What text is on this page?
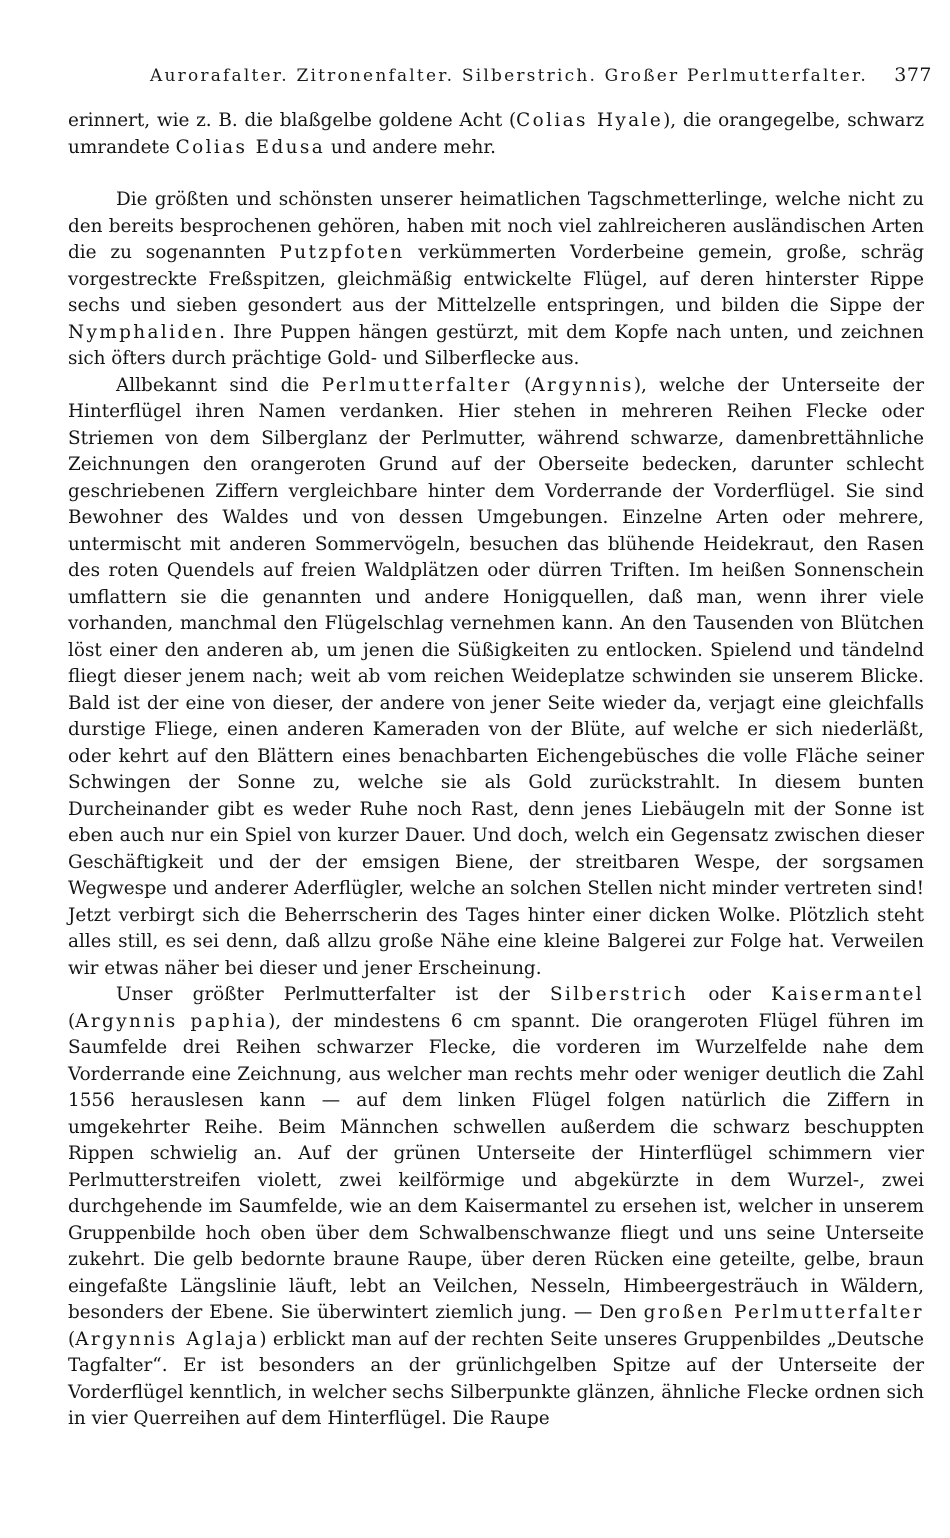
Aurorafalter. Zitronenfalter. Silberstrich. Großer Perlmutterfalter. 377

erinnert, wie z. B. die blaßgelbe goldene Acht (Colias Hyale), die orangegelbe, schwarz umrandete Colias Edusa und andere mehr.

Die größten und schönsten unserer heimatlichen Tagschmetterlinge, welche nicht zu den bereits besprochenen gehören, haben mit noch viel zahlreicheren ausländischen Arten die zu sogenannten Putzpfoten verkümmerten Vorderbeine gemein, große, schräg vorgestreckte Freßspitzen, gleichmäßig entwickelte Flügel, auf deren hinterster Rippe sechs und sieben gesondert aus der Mittelzelle entspringen, und bilden die Sippe der Nymphaliden. Ihre Puppen hängen gestürzt, mit dem Kopfe nach unten, und zeichnen sich öfters durch prächtige Gold- und Silberflecke aus.

Allbekannt sind die Perlmutterfalter (Argynnis), welche der Unterseite der Hinterflügel ihren Namen verdanken. Hier stehen in mehreren Reihen Flecke oder Striemen von dem Silberglanz der Perlmutter, während schwarze, damenbrettähnliche Zeichnungen den orangeroten Grund auf der Oberseite bedecken, darunter schlecht geschriebenen Ziffern vergleichbare hinter dem Vorderrande der Vorderflügel. Sie sind Bewohner des Waldes und von dessen Umgebungen. Einzelne Arten oder mehrere, untermischt mit anderen Sommervögeln, besuchen das blühende Heidekraut, den Rasen des roten Quendels auf freien Waldplätzen oder dürren Triften. Im heißen Sonnenschein umflattern sie die genannten und andere Honigquellen, daß man, wenn ihrer viele vorhanden, manchmal den Flügelschlag vernehmen kann. An den Tausenden von Blütchen löst einer den anderen ab, um jenen die Süßigkeiten zu entlocken. Spielend und tändelnd fliegt dieser jenem nach; weit ab vom reichen Weideplatze schwinden sie unserem Blicke. Bald ist der eine von dieser, der andere von jener Seite wieder da, verjagt eine gleichfalls durstige Fliege, einen anderen Kameraden von der Blüte, auf welche er sich niederläßt, oder kehrt auf den Blättern eines benachbarten Eichengebüsches die volle Fläche seiner Schwingen der Sonne zu, welche sie als Gold zurückstrahlt. In diesem bunten Durcheinander gibt es weder Ruhe noch Rast, denn jenes Liebäugeln mit der Sonne ist eben auch nur ein Spiel von kurzer Dauer. Und doch, welch ein Gegensatz zwischen dieser Geschäftigkeit und der der emsigen Biene, der streitbaren Wespe, der sorgsamen Wegwespe und anderer Aderflügler, welche an solchen Stellen nicht minder vertreten sind! Jetzt verbirgt sich die Beherrscherin des Tages hinter einer dicken Wolke. Plötzlich steht alles still, es sei denn, daß allzu große Nähe eine kleine Balgerei zur Folge hat. Verweilen wir etwas näher bei dieser und jener Erscheinung.

Unser größter Perlmutterfalter ist der Silberstrich oder Kaisermantel (Argynnis paphia), der mindestens 6 cm spannt. Die orangeroten Flügel führen im Saumfelde drei Reihen schwarzer Flecke, die vorderen im Wurzelfelde nahe dem Vorderrande eine Zeichnung, aus welcher man rechts mehr oder weniger deutlich die Zahl 1556 herauslesen kann — auf dem linken Flügel folgen natürlich die Ziffern in umgekehrter Reihe. Beim Männchen schwellen außerdem die schwarz beschuppten Rippen schwielig an. Auf der grünen Unterseite der Hinterflügel schimmern vier Perlmutterstreifen violett, zwei keilförmige und abgekürzte in dem Wurzel-, zwei durchgehende im Saumfelde, wie an dem Kaisermantel zu ersehen ist, welcher in unserem Gruppenbilde hoch oben über dem Schwalbenschwanze fliegt und uns seine Unterseite zukehrt. Die gelb bedornte braune Raupe, über deren Rücken eine geteilte, gelbe, braun eingefaßte Längslinie läuft, lebt an Veilchen, Nesseln, Himbeergesträuch in Wäldern, besonders der Ebene. Sie überwintert ziemlich jung. — Den großen Perlmutterfalter (Argynnis Aglaja) erblickt man auf der rechten Seite unseres Gruppenbildes „Deutsche Tagfalter“. Er ist besonders an der grünlichgelben Spitze auf der Unterseite der Vorderflügel kenntlich, in welcher sechs Silberpunkte glänzen, ähnliche Flecke ordnen sich in vier Querreihen auf dem Hinterflügel. Die Raupe
